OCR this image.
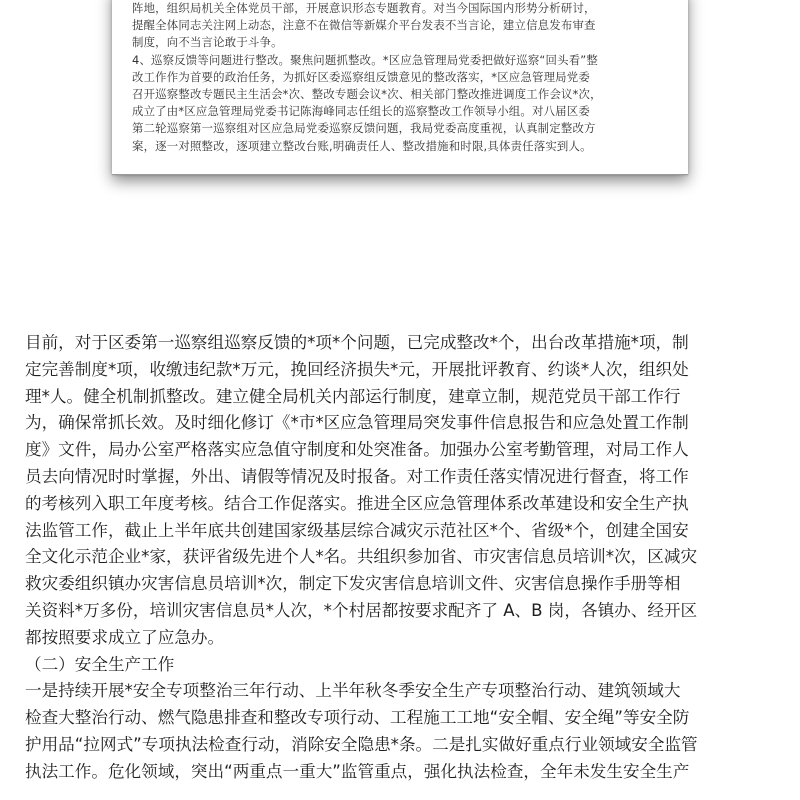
阵地，组织局机关全体党员干部，开展意识形态专题教育。对当今国际国内形势分析研讨，
提醒全体同志关注网上动态，注意不在微信等新媒介平台发表不当言论，建立信息发布审查
制度，向不当言论敢于斗争。
4、巡察反馈等问题进行整改。聚焦问题抓整改。*区应急管理局党委把做好巡察“回头看”整
改工作作为首要的政治任务，为抓好区委巡察组反馈意见的整改落实，*区应急管理局党委
召开巡察整改专题民主生活会*次、整改专题会议*次、相关部门整改推进调度工作会议*次，
成立了由*区应急管理局党委书记陈海峰同志任组长的巡察整改工作领导小组。对八届区委
第二轮巡察第一巡察组对区应急局党委巡察反馈问题，我局党委高度重视，认真制定整改方
案，逐一对照整改，逐项建立整改台账,明确责任人、整改措施和时限,具体责任落实到人。
目前，对于区委第一巡察组巡察反馈的*项*个问题，已完成整改*个，出台改革措施*项，制
定完善制度*项，收缴违纪款*万元，挽回经济损失*元，开展批评教育、约谈*人次，组织处
理*人。健全机制抓整改。建立健全局机关内部运行制度，建章立制，规范党员干部工作行
为，确保常抓长效。及时细化修订《*市*区应急管理局突发事件信息报告和应急处置工作制
度》文件，局办公室严格落实应急值守制度和处突准备。加强办公室考勤管理，对局工作人
员去向情况时时掌握，外出、请假等情况及时报备。对工作责任落实情况进行督查，将工作
的考核列入职工年度考核。结合工作促落实。推进全区应急管理体系改革建设和安全生产执
法监管工作，截止上半年底共创建国家级基层综合减灾示范社区*个、省级*个，创建全国安
全文化示范企业*家，获评省级先进个人*名。共组织参加省、市灾害信息员培训*次，区减灾
救灾委组织镇办灾害信息员培训*次，制定下发灾害信息培训文件、灾害信息操作手册等相
关资料*万多份，培训灾害信息员*人次，*个村居都按要求配齐了 A、B 岗，各镇办、经开区
都按照要求成立了应急办。
（二）安全生产工作
一是持续开展*安全专项整治三年行动、上半年秋冬季安全生产专项整治行动、建筑领域大
检查大整治行动、燃气隐患排查和整改专项行动、工程施工工地“安全帽、安全绳”等安全防
护用品“拉网式”专项执法检查行动，消除安全隐患*条。二是扎实做好重点行业领域安全监管
执法工作。危化领域，突出“两重点一重大”监管重点，强化执法检查，全年未发生安全生产
